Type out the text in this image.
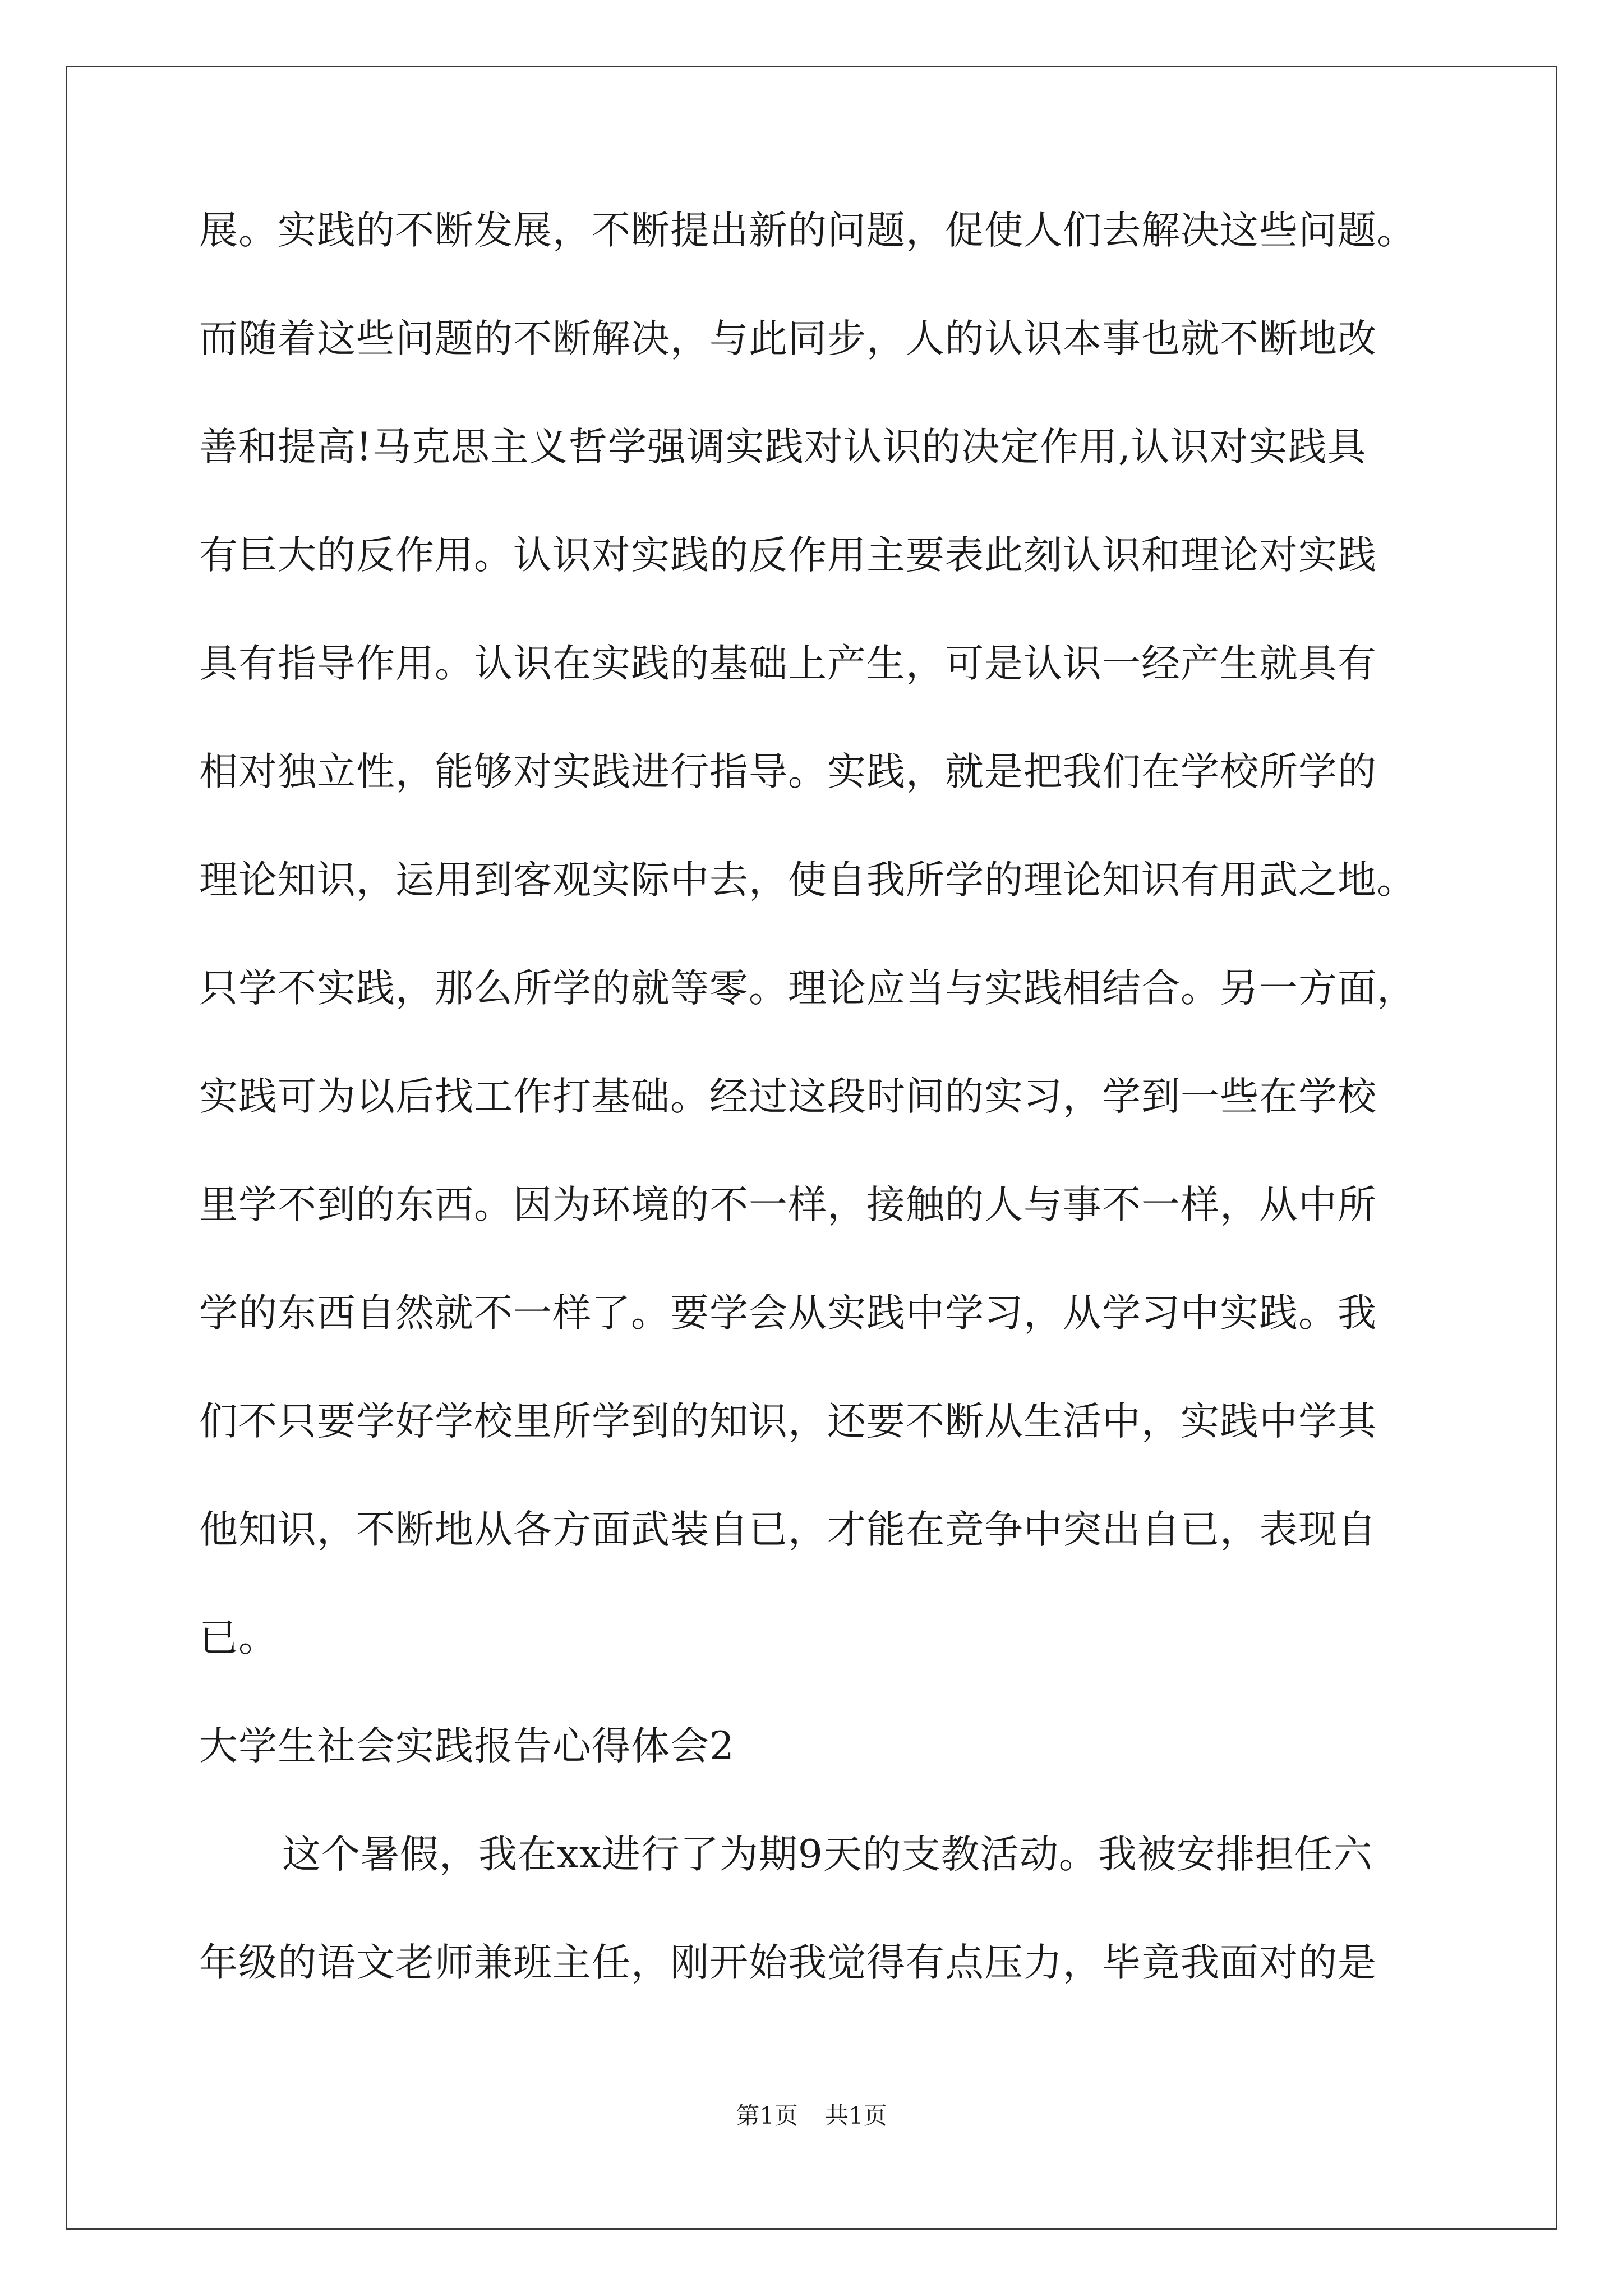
展。实践的不断发展，不断提出新的问题，促使人们去解决这些问题。
而随着这些问题的不断解决，与此同步，人的认识本事也就不断地改
善和提高!马克思主义哲学强调实践对认识的决定作用,认识对实践具
有巨大的反作用。认识对实践的反作用主要表此刻认识和理论对实践
具有指导作用。认识在实践的基础上产生，可是认识一经产生就具有
相对独立性，能够对实践进行指导。实践，就是把我们在学校所学的
理论知识，运用到客观实际中去，使自我所学的理论知识有用武之地。
只学不实践，那么所学的就等零。理论应当与实践相结合。另一方面，
实践可为以后找工作打基础。经过这段时间的实习，学到一些在学校
里学不到的东西。因为环境的不一样，接触的人与事不一样，从中所
学的东西自然就不一样了。要学会从实践中学习，从学习中实践。我
们不只要学好学校里所学到的知识，还要不断从生活中，实践中学其
他知识，不断地从各方面武装自已，才能在竞争中突出自已，表现自
已。
大学生社会实践报告心得体会2
这个暑假，我在xx进行了为期9天的支教活动。我被安排担任六
年级的语文老师兼班主任，刚开始我觉得有点压力，毕竟我面对的是
第1页 共1页
